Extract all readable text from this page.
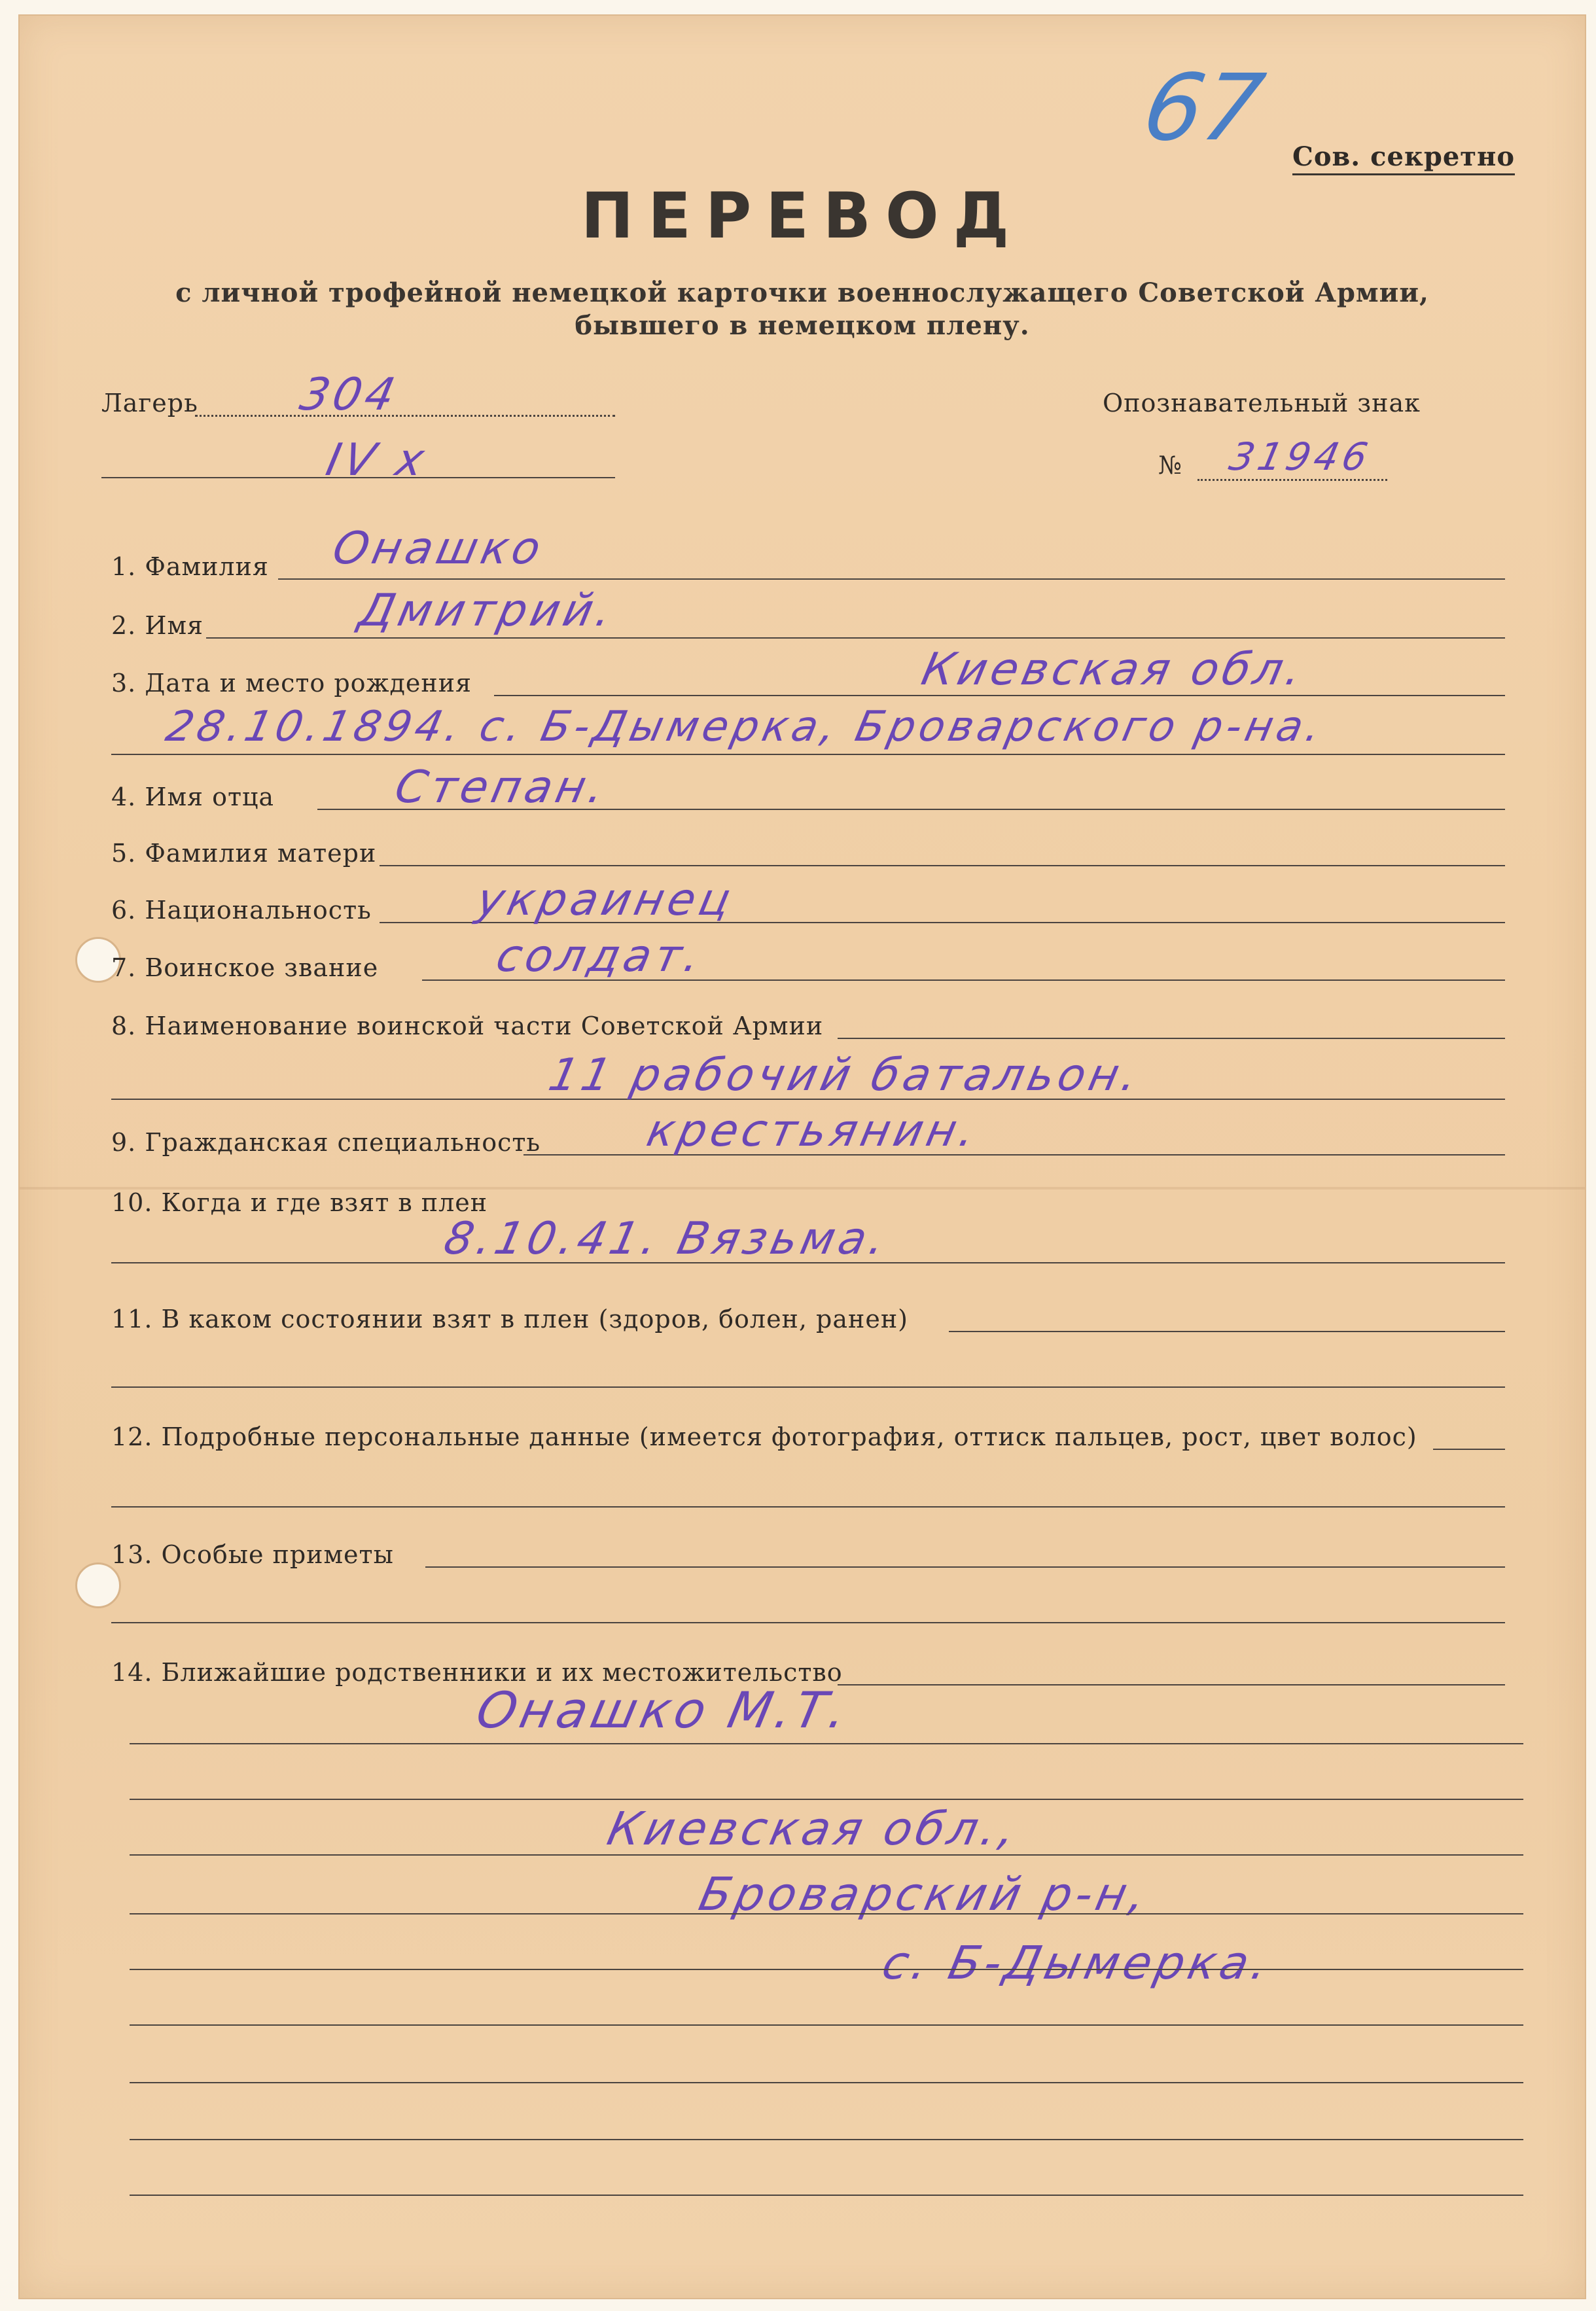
67 Сов. секретно
ПЕРЕВОД
с личной трофейной немецкой карточки военнослужащего Советской Армии,
бывшего в немецком плену.
Лагерь 304
IV x
Опознавательный знак
№ 31946
1. Фамилия Онашко
2. Имя	Дмитрий.
3. Дата и место рождения	Киевская обл.
28.10.1894. с. Б-Дымерка, Броварского р-на.
4. Имя отца	Степан.
5. Фамилия матери
6. Национальность украинец
7. Воинское звание	солдат.
8. Наименование воинской части Советской Армии
11 рабочий батальон.
9. Гражданская специальность крестьянин.
10. Когда и где взят в плен
8.10.41. Вязьма.
11. В каком состоянии взят в плен (здоров, болен, ранен)
12. Подробные персональные данные (имеется фотография, оттиск пальцев, рост, цвет волос)
13. Особые приметы
14. Ближайшие родственники и их местожительство
Онашко М.Т.
Киевская обл.,
Броварский р-н,
с. Б-Дымерка.
